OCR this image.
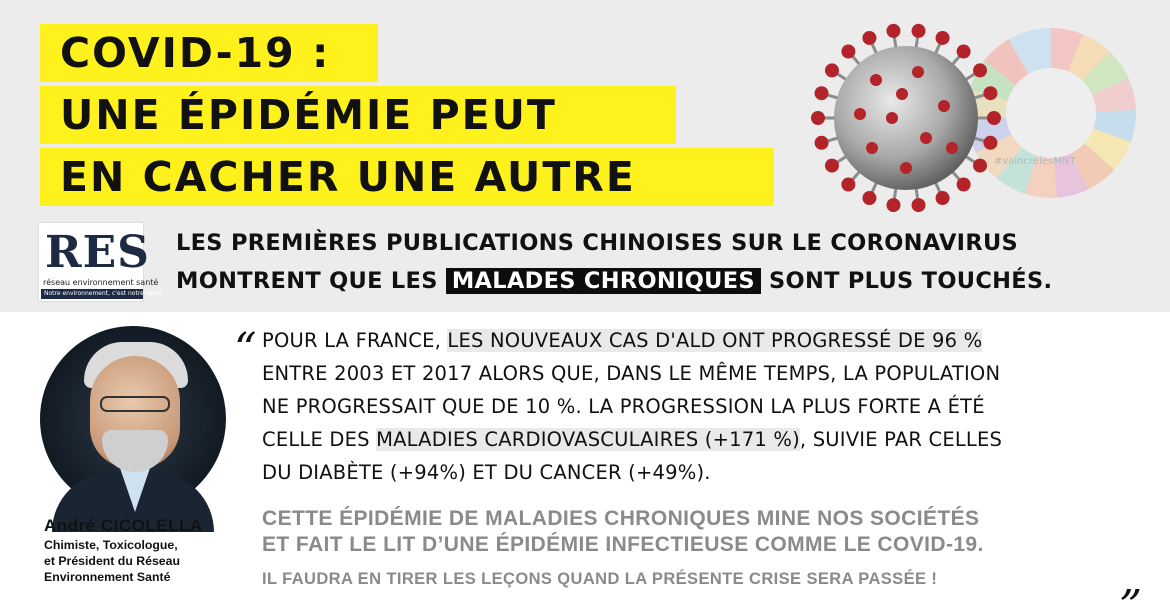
COVID-19 :
UNE ÉPIDÉMIE PEUT
EN CACHER UNE AUTRE	#vaincrelesMNT
RES
réseau environnement santé
Notre environnement, c'est notre santé
LES PREMIÈRES PUBLICATIONS CHINOISES SUR LE CORONAVIRUS
MONTRENT QUE LES MALADES CHRONIQUES SONT PLUS TOUCHÉS.
André CICOLELLA
Chimiste, Toxicologue,
et Président du Réseau
Environnement Santé
“ POUR LA FRANCE, LES NOUVEAUX CAS D'ALD ONT PROGRESSÉ DE 96 %
ENTRE 2003 ET 2017 ALORS QUE, DANS LE MÊME TEMPS, LA POPULATION
NE PROGRESSAIT QUE DE 10 %. LA PROGRESSION LA PLUS FORTE A ÉTÉ
CELLE DES MALADIES CARDIOVASCULAIRES (+171 %), SUIVIE PAR CELLES
DU DIABÈTE (+94%) ET DU CANCER (+49%).
CETTE ÉPIDÉMIE DE MALADIES CHRONIQUES MINE NOS SOCIÉTÉS
ET FAIT LE LIT D’UNE ÉPIDÉMIE INFECTIEUSE COMME LE COVID-19.
IL FAUDRA EN TIRER LES LEÇONS QUAND LA PRÉSENTE CRISE SERA PASSÉE !	„
